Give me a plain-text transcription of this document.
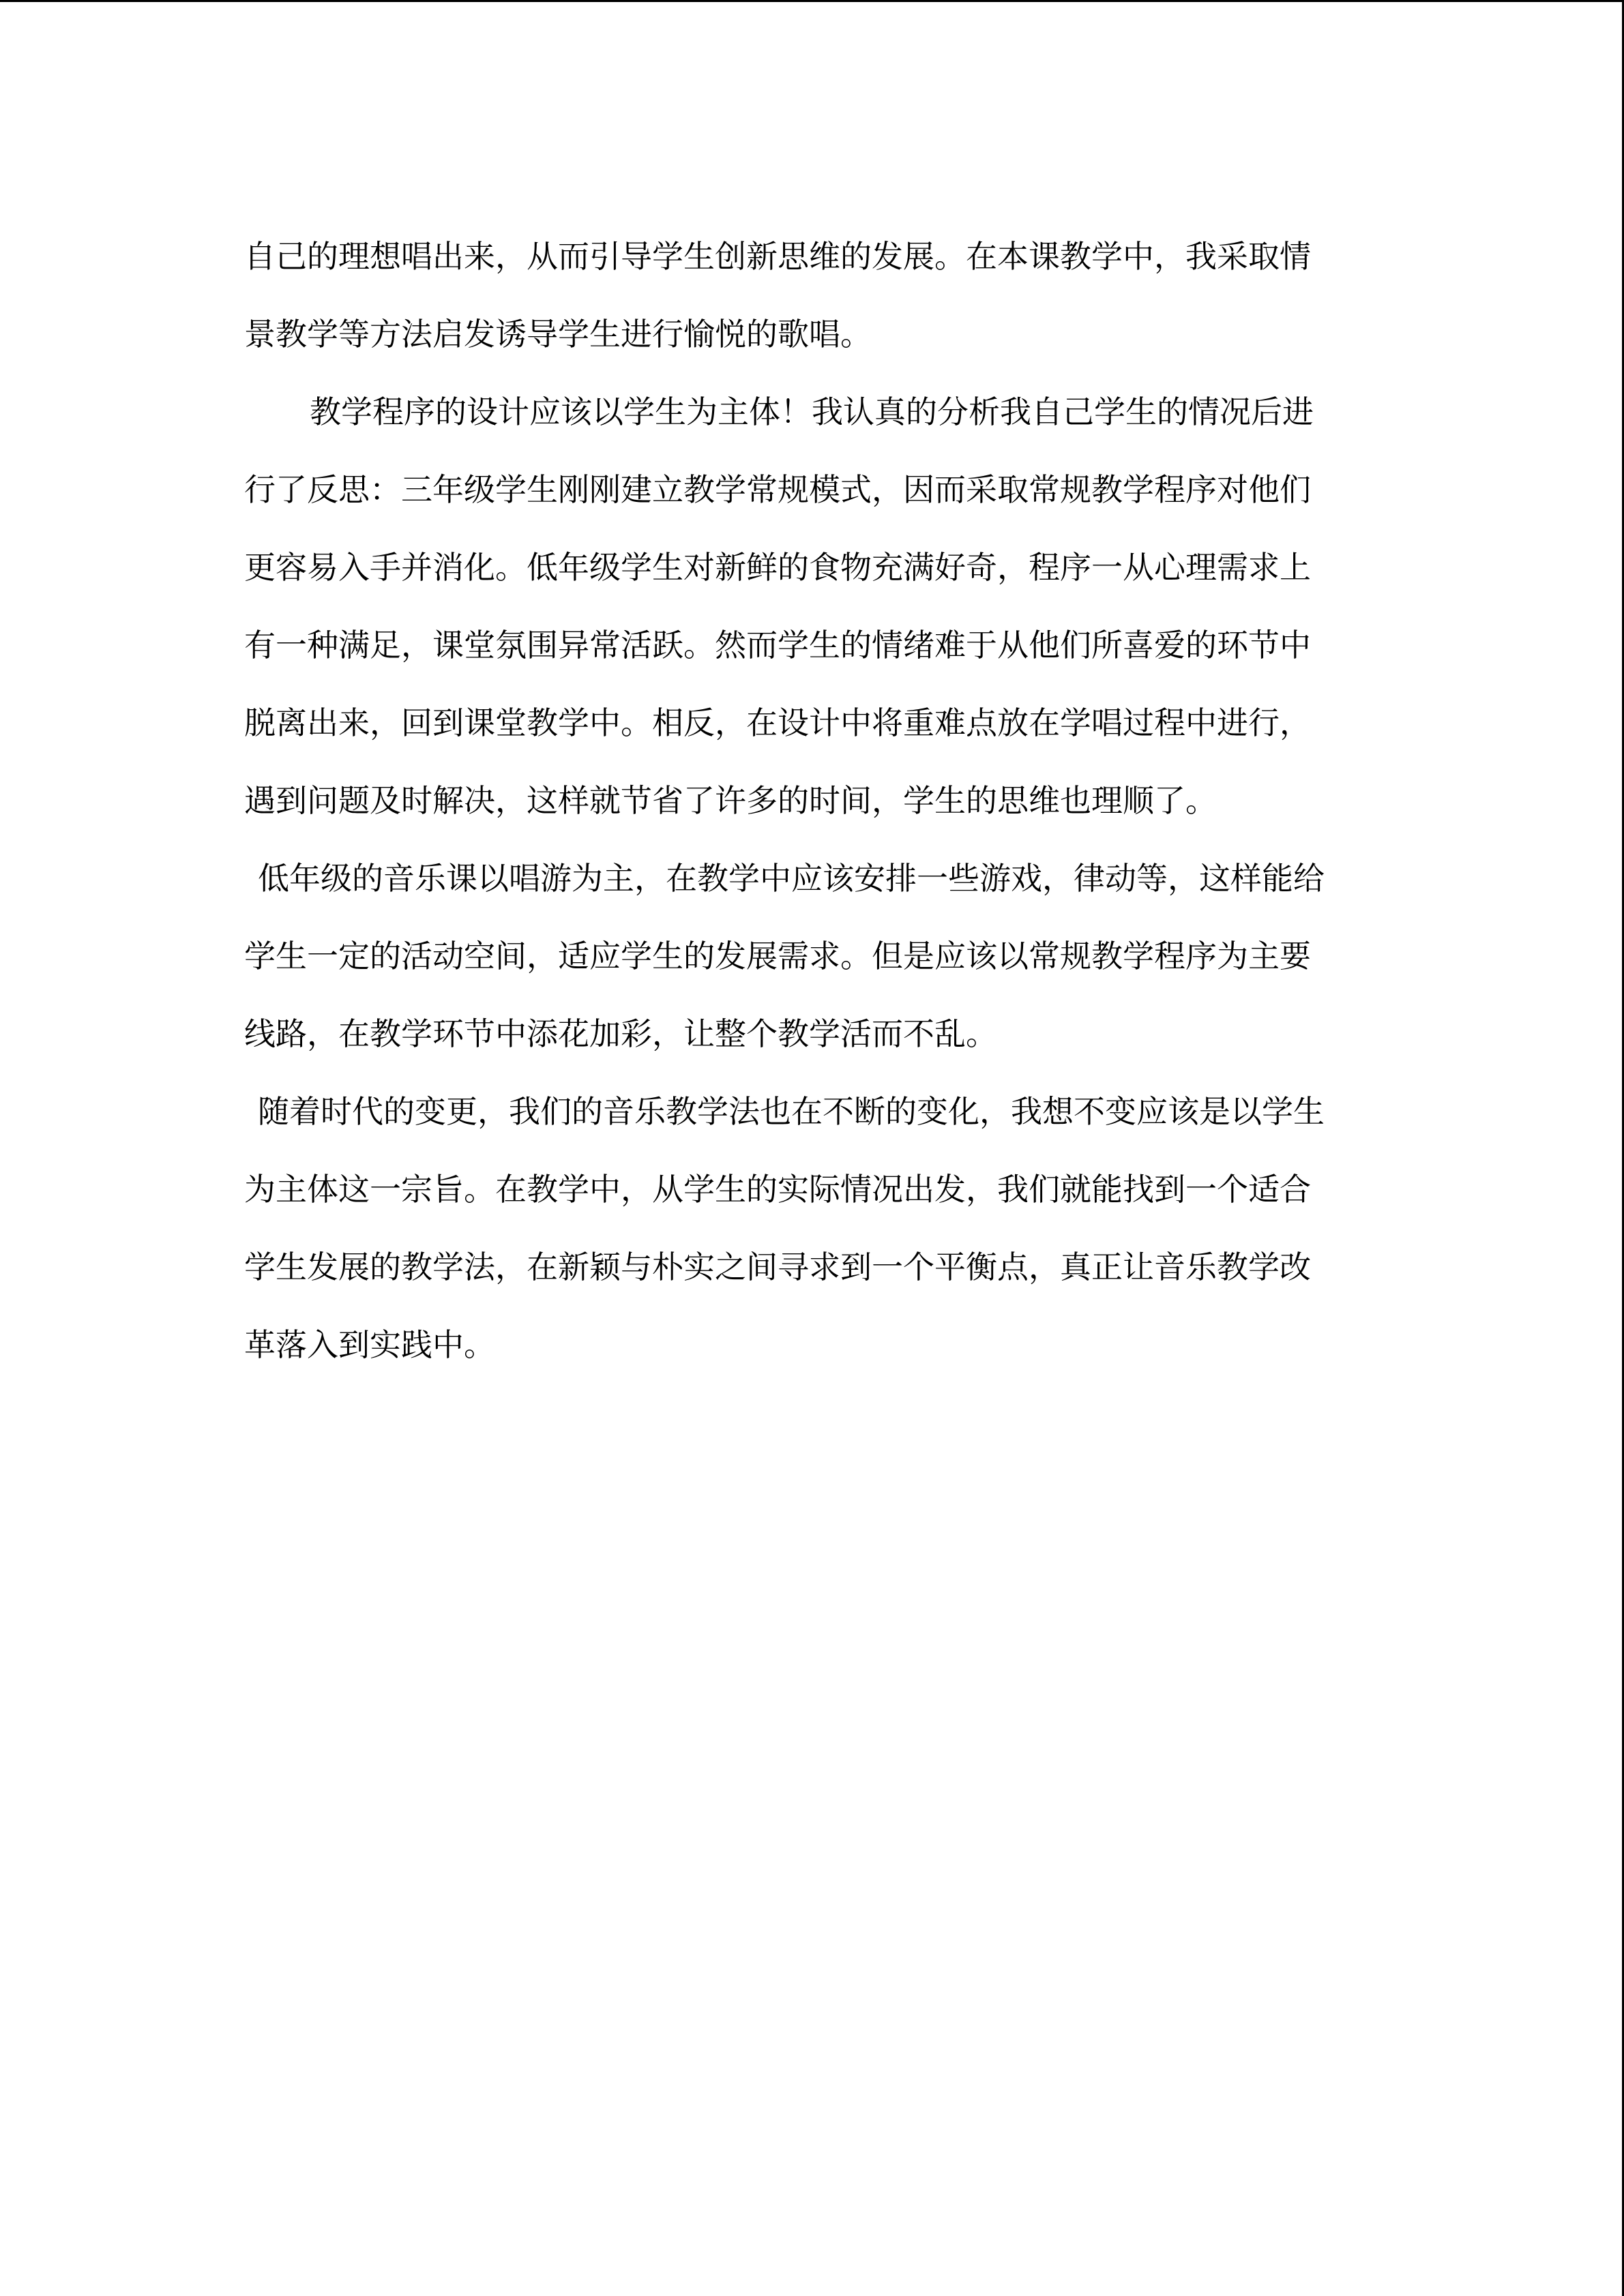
自己的理想唱出来，从而引导学生创新思维的发展。在本课教学中，我采取情
景教学等方法启发诱导学生进行愉悦的歌唱。
教学程序的设计应该以学生为主体！我认真的分析我自己学生的情况后进
行了反思：三年级学生刚刚建立教学常规模式，因而采取常规教学程序对他们
更容易入手并消化。低年级学生对新鲜的食物充满好奇，程序一从心理需求上
有一种满足，课堂氛围异常活跃。然而学生的情绪难于从他们所喜爱的环节中
脱离出来，回到课堂教学中。相反，在设计中将重难点放在学唱过程中进行，
遇到问题及时解决，这样就节省了许多的时间，学生的思维也理顺了。
低年级的音乐课以唱游为主，在教学中应该安排一些游戏，律动等，这样能给
学生一定的活动空间，适应学生的发展需求。但是应该以常规教学程序为主要
线路，在教学环节中添花加彩，让整个教学活而不乱。
随着时代的变更，我们的音乐教学法也在不断的变化，我想不变应该是以学生
为主体这一宗旨。在教学中，从学生的实际情况出发，我们就能找到一个适合
学生发展的教学法，在新颖与朴实之间寻求到一个平衡点，真正让音乐教学改
革落入到实践中。
